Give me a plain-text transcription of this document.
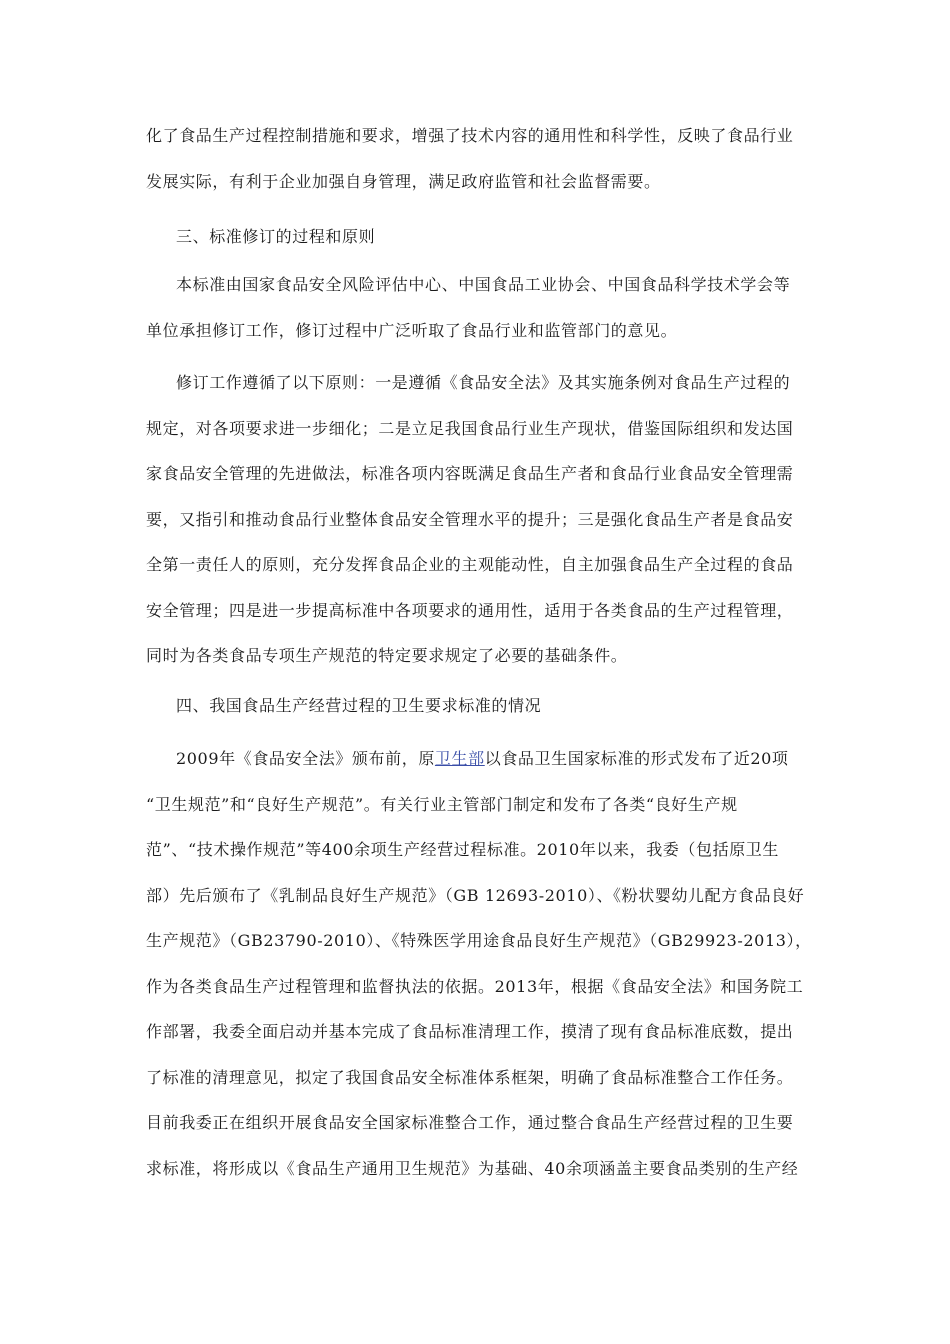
化了食品生产过程控制措施和要求，增强了技术内容的通用性和科学性，反映了食品行业
发展实际，有利于企业加强自身管理，满足政府监管和社会监督需要。
三、标准修订的过程和原则
本标准由国家食品安全风险评估中心、中国食品工业协会、中国食品科学技术学会等
单位承担修订工作，修订过程中广泛听取了食品行业和监管部门的意见。
修订工作遵循了以下原则：一是遵循《食品安全法》及其实施条例对食品生产过程的
规定，对各项要求进一步细化；二是立足我国食品行业生产现状，借鉴国际组织和发达国
家食品安全管理的先进做法，标准各项内容既满足食品生产者和食品行业食品安全管理需
要，又指引和推动食品行业整体食品安全管理水平的提升；三是强化食品生产者是食品安
全第一责任人的原则，充分发挥食品企业的主观能动性，自主加强食品生产全过程的食品
安全管理；四是进一步提高标准中各项要求的通用性，适用于各类食品的生产过程管理，
同时为各类食品专项生产规范的特定要求规定了必要的基础条件。
四、我国食品生产经营过程的卫生要求标准的情况
2009年《食品安全法》颁布前，原卫生部以食品卫生国家标准的形式发布了近20项
“卫生规范”和“良好生产规范”。有关行业主管部门制定和发布了各类“良好生产规
范”、“技术操作规范”等400余项生产经营过程标准。2010年以来，我委（包括原卫生
部）先后颁布了《乳制品良好生产规范》（GB 12693-2010）、《粉状婴幼儿配方食品良好
生产规范》（GB23790-2010）、《特殊医学用途食品良好生产规范》（GB29923-2013），
作为各类食品生产过程管理和监督执法的依据。2013年，根据《食品安全法》和国务院工
作部署，我委全面启动并基本完成了食品标准清理工作，摸清了现有食品标准底数，提出
了标准的清理意见，拟定了我国食品安全标准体系框架，明确了食品标准整合工作任务。
目前我委正在组织开展食品安全国家标准整合工作，通过整合食品生产经营过程的卫生要
求标准，将形成以《食品生产通用卫生规范》为基础、40余项涵盖主要食品类别的生产经
